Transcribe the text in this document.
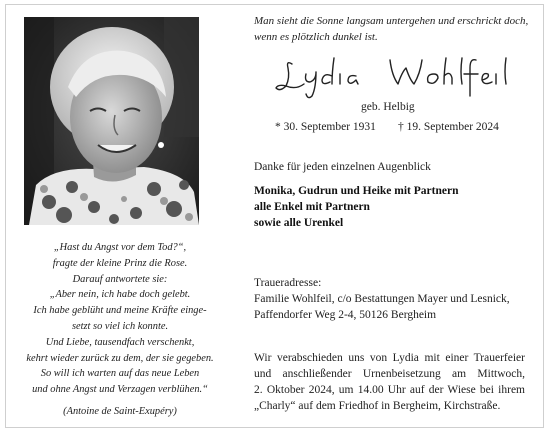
„Hast du Angst vor dem Tod?“,
fragte der kleine Prinz die Rose.
Darauf antwortete sie:
„Aber nein, ich habe doch gelebt.
Ich habe geblüht und meine Kräfte einge-
setzt so viel ich konnte.
Und Liebe, tausendfach verschenkt,
kehrt wieder zurück zu dem, der sie gegeben.
So will ich warten auf das neue Leben
und ohne Angst und Verzagen verblühen.“
(Antoine de Saint-Exupéry)
Man sieht die Sonne langsam untergehen und erschrickt doch,
wenn es plötzlich dunkel ist.
Lydia Wohlfeil
geb. Helbig
* 30. September 1931 † 19. September 2024
Danke für jeden einzelnen Augenblick
Monika, Gudrun und Heike mit Partnern
alle Enkel mit Partnern
sowie alle Urenkel
Traueradresse:
Familie Wohlfeil, c/o Bestattungen Mayer und Lesnick,
Paffendorfer Weg 2-4, 50126 Bergheim
Wir verabschieden uns von Lydia mit einer Trauerfeier
und anschließender Urnenbeisetzung am Mittwoch,
2. Oktober 2024, um 14.00 Uhr auf der Wiese bei ihrem
„Charly“ auf dem Friedhof in Bergheim, Kirchstraße.
